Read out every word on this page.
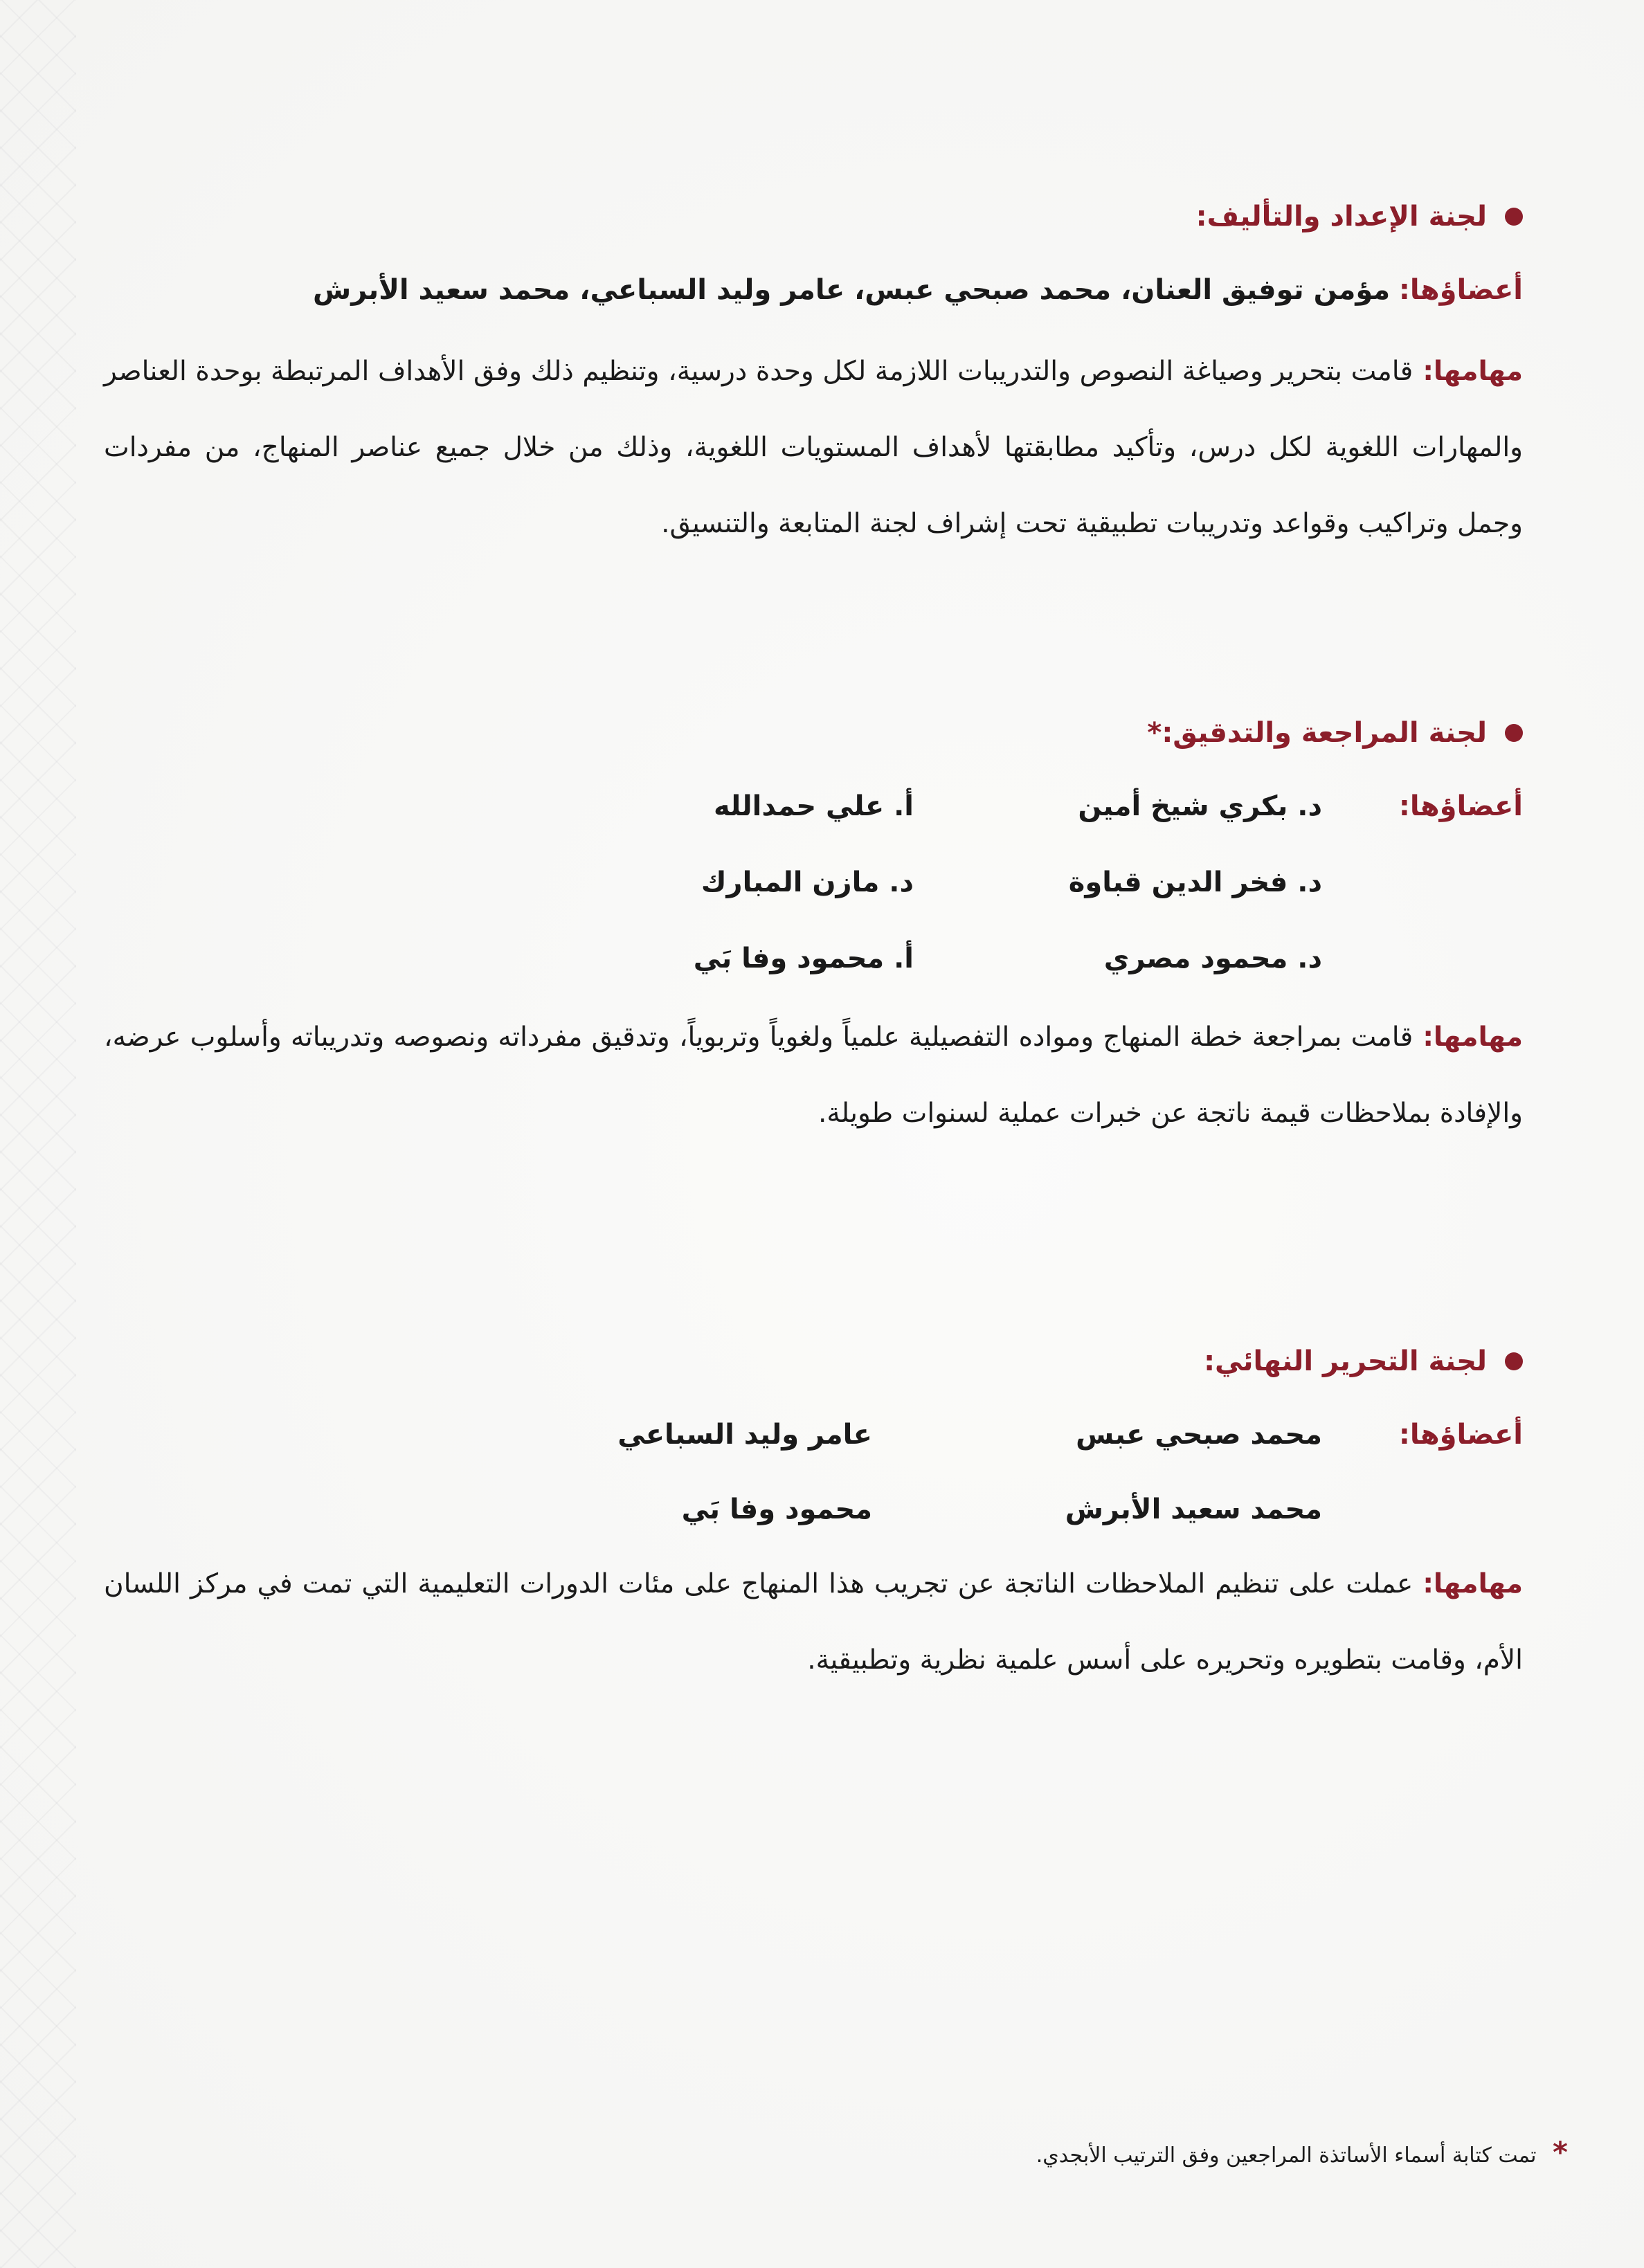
لجنة الإعداد والتأليف:
أعضاؤها: مؤمن توفيق العنان، محمد صبحي عبس، عامر وليد السباعي، محمد سعيد الأبرش
مهامها:قامت بتحرير وصياغة النصوص والتدريبات اللازمة لكل وحدة درسية، وتنظيم ذلك وفق الأهداف المرتبطة بوحدة العناصر والمهارات اللغوية لكل درس، وتأكيد مطابقتها لأهداف المستويات اللغوية، وذلك من خلال جميع عناصر المنهاج، من مفردات وجمل وتراكيب وقواعد وتدريبات تطبيقية تحت إشراف لجنة المتابعة والتنسيق.
لجنة المراجعة والتدقيق:*
أعضاؤها:
د. بكري شيخ أمين
أ. علي حمدالله
د. فخر الدين قباوة
د. مازن المبارك
د. محمود مصري
أ. محمود وفا بَي
مهامها:قامت بمراجعة خطة المنهاج ومواده التفصيلية علمياً ولغوياً وتربوياً، وتدقيق مفرداته ونصوصه وتدريباته وأسلوب عرضه، والإفادة بملاحظات قيمة ناتجة عن خبرات عملية لسنوات طويلة.
لجنة التحرير النهائي:
أعضاؤها:
محمد صبحي عبس
عامر وليد السباعي
محمد سعيد الأبرش
محمود وفا بَي
مهامها:عملت على تنظيم الملاحظات الناتجة عن تجريب هذا المنهاج على مئات الدورات التعليمية التي تمت في مركز اللسان الأم، وقامت بتطويره وتحريره على أسس علمية نظرية وتطبيقية.
* تمت كتابة أسماء الأساتذة المراجعين وفق الترتيب الأبجدي.
